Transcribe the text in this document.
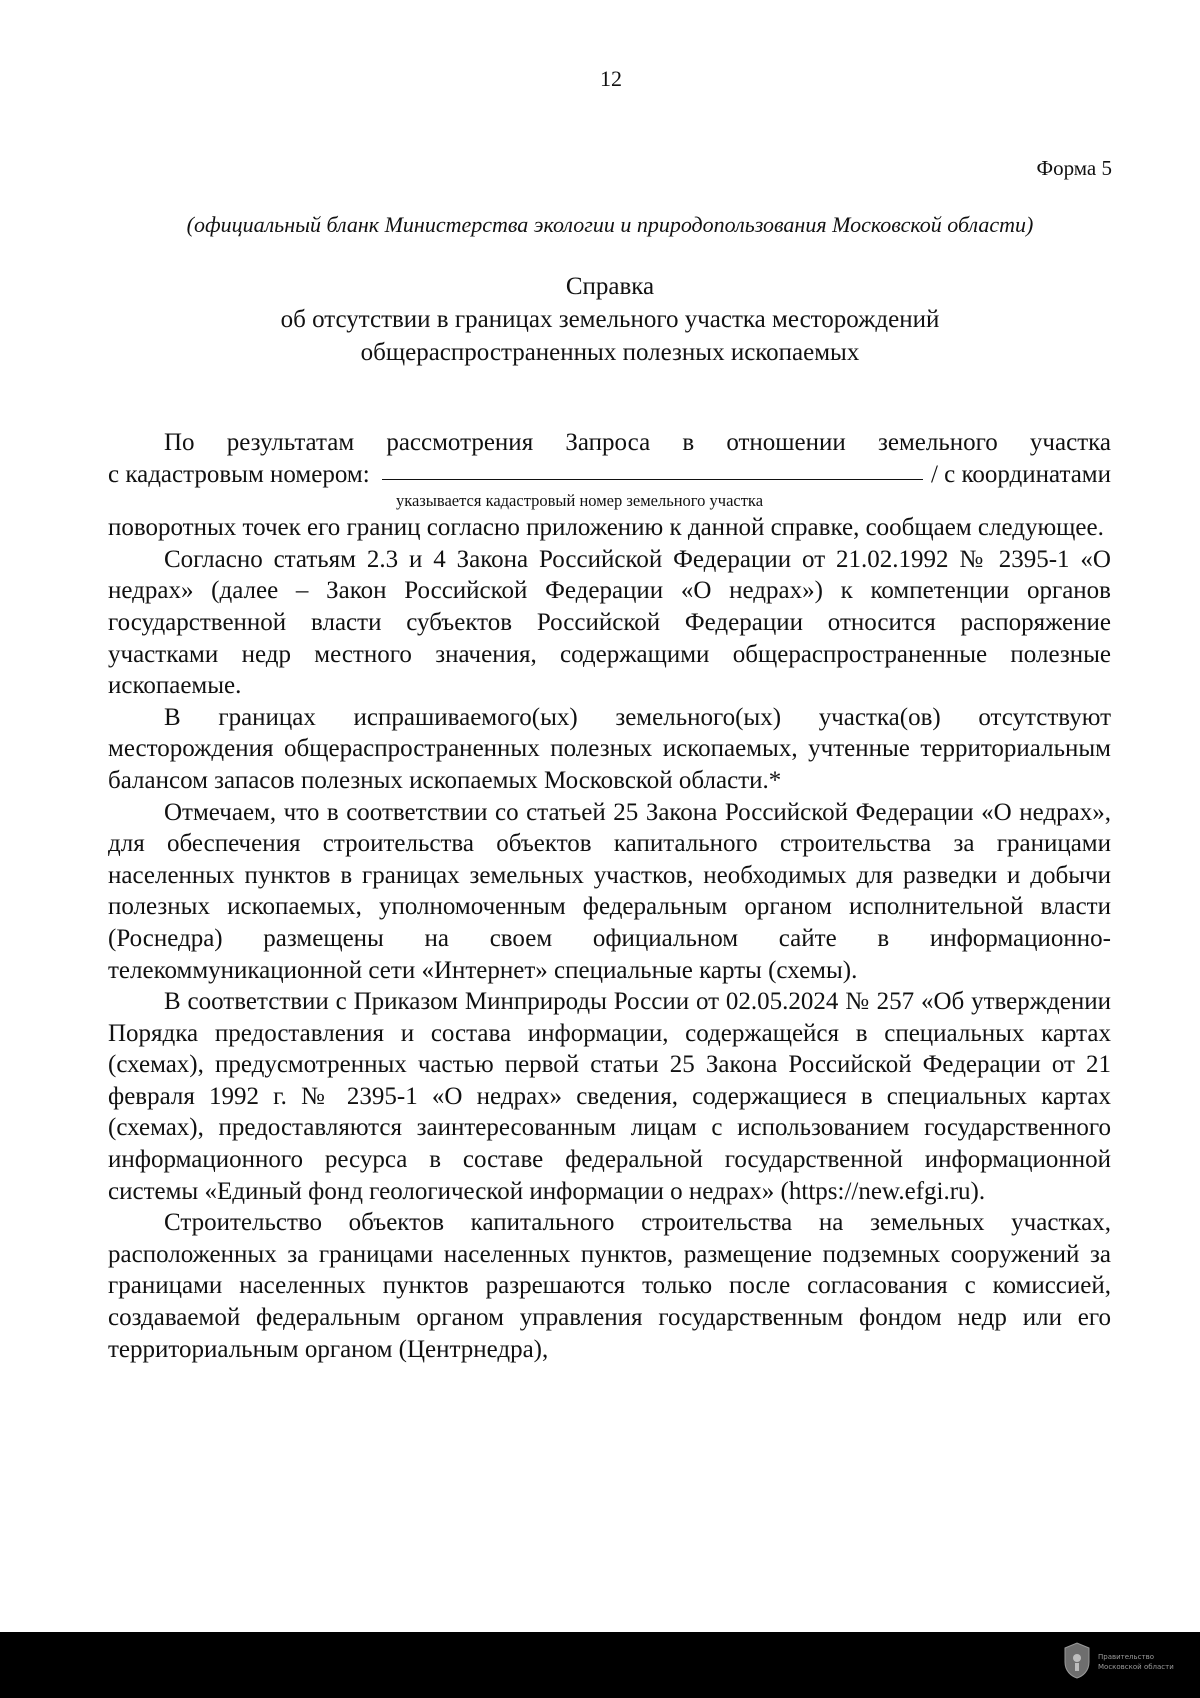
12
Форма 5
(официальный бланк Министерства экологии и природопользования Московской области)
Справка
об отсутствии в границах земельного участка месторождений
общераспространенных полезных ископаемых
По результатам рассмотрения Запроса в отношении земельного участка
с кадастровым номером:	/ с координатами
указывается кадастровый номер земельного участка

поворотных точек его границ согласно приложению к данной справке, сообщаем следующее.

Согласно статьям 2.3 и 4 Закона Российской Федерации от 21.02.1992 № 2395-1 «О недрах» (далее – Закон Российской Федерации «О недрах») к компетенции органов государственной власти субъектов Российской Федерации относится распоряжение участками недр местного значения, содержащими общераспространенные полезные ископаемые.

В границах испрашиваемого(ых) земельного(ых) участка(ов) отсутствуют месторождения общераспространенных полезных ископаемых, учтенные территориальным балансом запасов полезных ископаемых Московской области.*

Отмечаем, что в соответствии со статьей 25 Закона Российской Федерации «О недрах», для обеспечения строительства объектов капитального строительства за границами населенных пунктов в границах земельных участков, необходимых для разведки и добычи полезных ископаемых, уполномоченным федеральным органом исполнительной власти (Роснедра) размещены на своем официальном сайте в информационно-телекоммуникационной сети «Интернет» специальные карты (схемы).

В соответствии с Приказом Минприроды России от 02.05.2024 № 257 «Об утверждении Порядка предоставления и состава информации, содержащейся в специальных картах (схемах), предусмотренных частью первой статьи 25 Закона Российской Федерации от 21 февраля 1992 г. № 2395-1 «О недрах» сведения, содержащиеся в специальных картах (схемах), предоставляются заинтересованным лицам с использованием государственного информационного ресурса в составе федеральной государственной информационной системы «Единый фонд геологической информации о недрах» (https://new.efgi.ru).

Строительство объектов капитального строительства на земельных участках, расположенных за границами населенных пунктов, размещение подземных сооружений за границами населенных пунктов разрешаются только после согласования с комиссией, создаваемой федеральным органом управления государственным фондом недр или его территориальным органом (Центрнедра),

Правительство
Московской области
